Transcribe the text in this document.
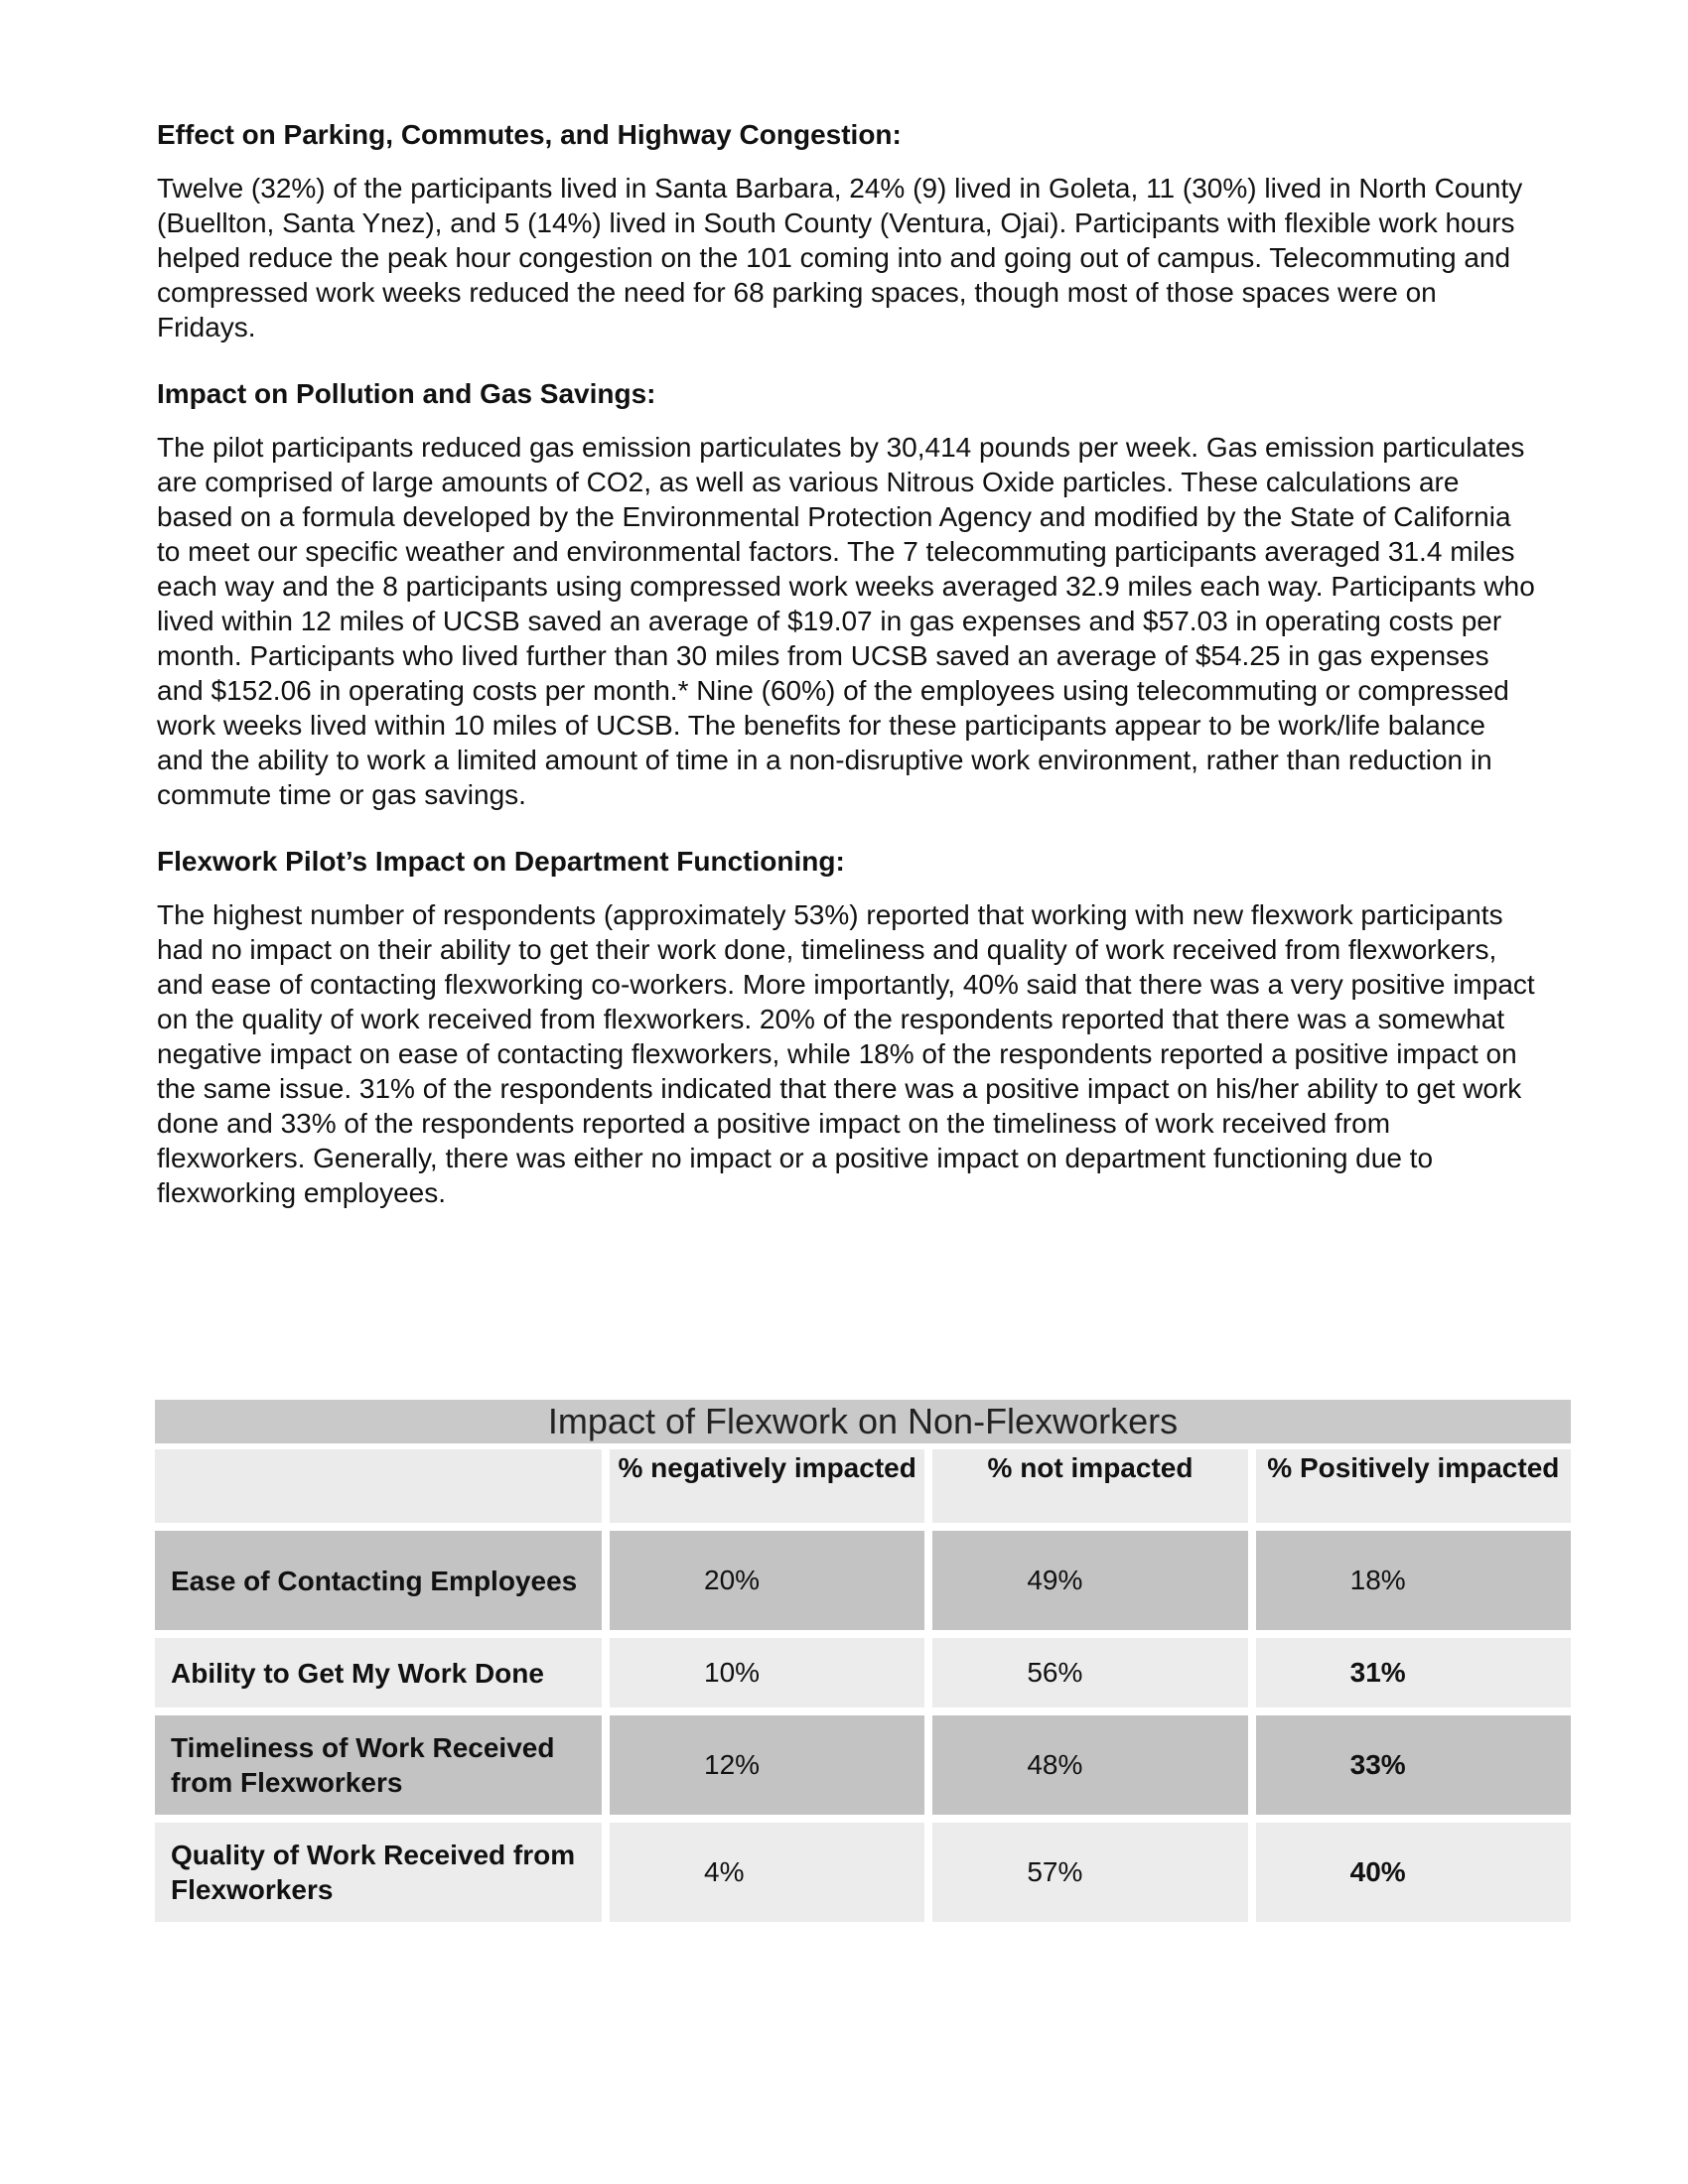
Effect on Parking, Commutes, and Highway Congestion:

Twelve (32%) of the participants lived in Santa Barbara, 24% (9) lived in Goleta, 11 (30%) lived in North County (Buellton, Santa Ynez), and 5 (14%) lived in South County (Ventura, Ojai). Participants with flexible work hours helped reduce the peak hour congestion on the 101 coming into and going out of campus. Telecommuting and compressed work weeks reduced the need for 68 parking spaces, though most of those spaces were on Fridays.

Impact on Pollution and Gas Savings:

The pilot participants reduced gas emission particulates by 30,414 pounds per week. Gas emission particulates are comprised of large amounts of CO2, as well as various Nitrous Oxide particles. These calculations are based on a formula developed by the Environmental Protection Agency and modified by the State of California to meet our specific weather and environmental factors. The 7 telecommuting participants averaged 31.4 miles each way and the 8 participants using compressed work weeks averaged 32.9 miles each way. Participants who lived within 12 miles of UCSB saved an average of $19.07 in gas expenses and $57.03 in operating costs per month. Participants who lived further than 30 miles from UCSB saved an average of $54.25 in gas expenses and $152.06 in operating costs per month.* Nine (60%) of the employees using telecommuting or compressed work weeks lived within 10 miles of UCSB. The benefits for these participants appear to be work/life balance and the ability to work a limited amount of time in a non-disruptive work environment, rather than reduction in commute time or gas savings.

Flexwork Pilot’s Impact on Department Functioning:

The highest number of respondents (approximately 53%) reported that working with new flexwork participants had no impact on their ability to get their work done, timeliness and quality of work received from flexworkers, and ease of contacting flexworking co-workers. More importantly, 40% said that there was a very positive impact on the quality of work received from flexworkers. 20% of the respondents reported that there was a somewhat negative impact on ease of contacting flexworkers, while 18% of the respondents reported a positive impact on the same issue. 31% of the respondents indicated that there was a positive impact on his/her ability to get work done and 33% of the respondents reported a positive impact on the timeliness of work received from flexworkers. Generally, there was either no impact or a positive impact on department functioning due to flexworking employees.

Impact of Flexwork on Non-Flexworkers
	% negatively impacted	% not impacted	% Positively impacted
Ease of Contacting Employees	20%	49%	18%
Ability to Get My Work Done	10%	56%	31%
Timeliness of Work Received from Flexworkers	12%	48%	33%
Quality of Work Received from Flexworkers	4%	57%	40%
